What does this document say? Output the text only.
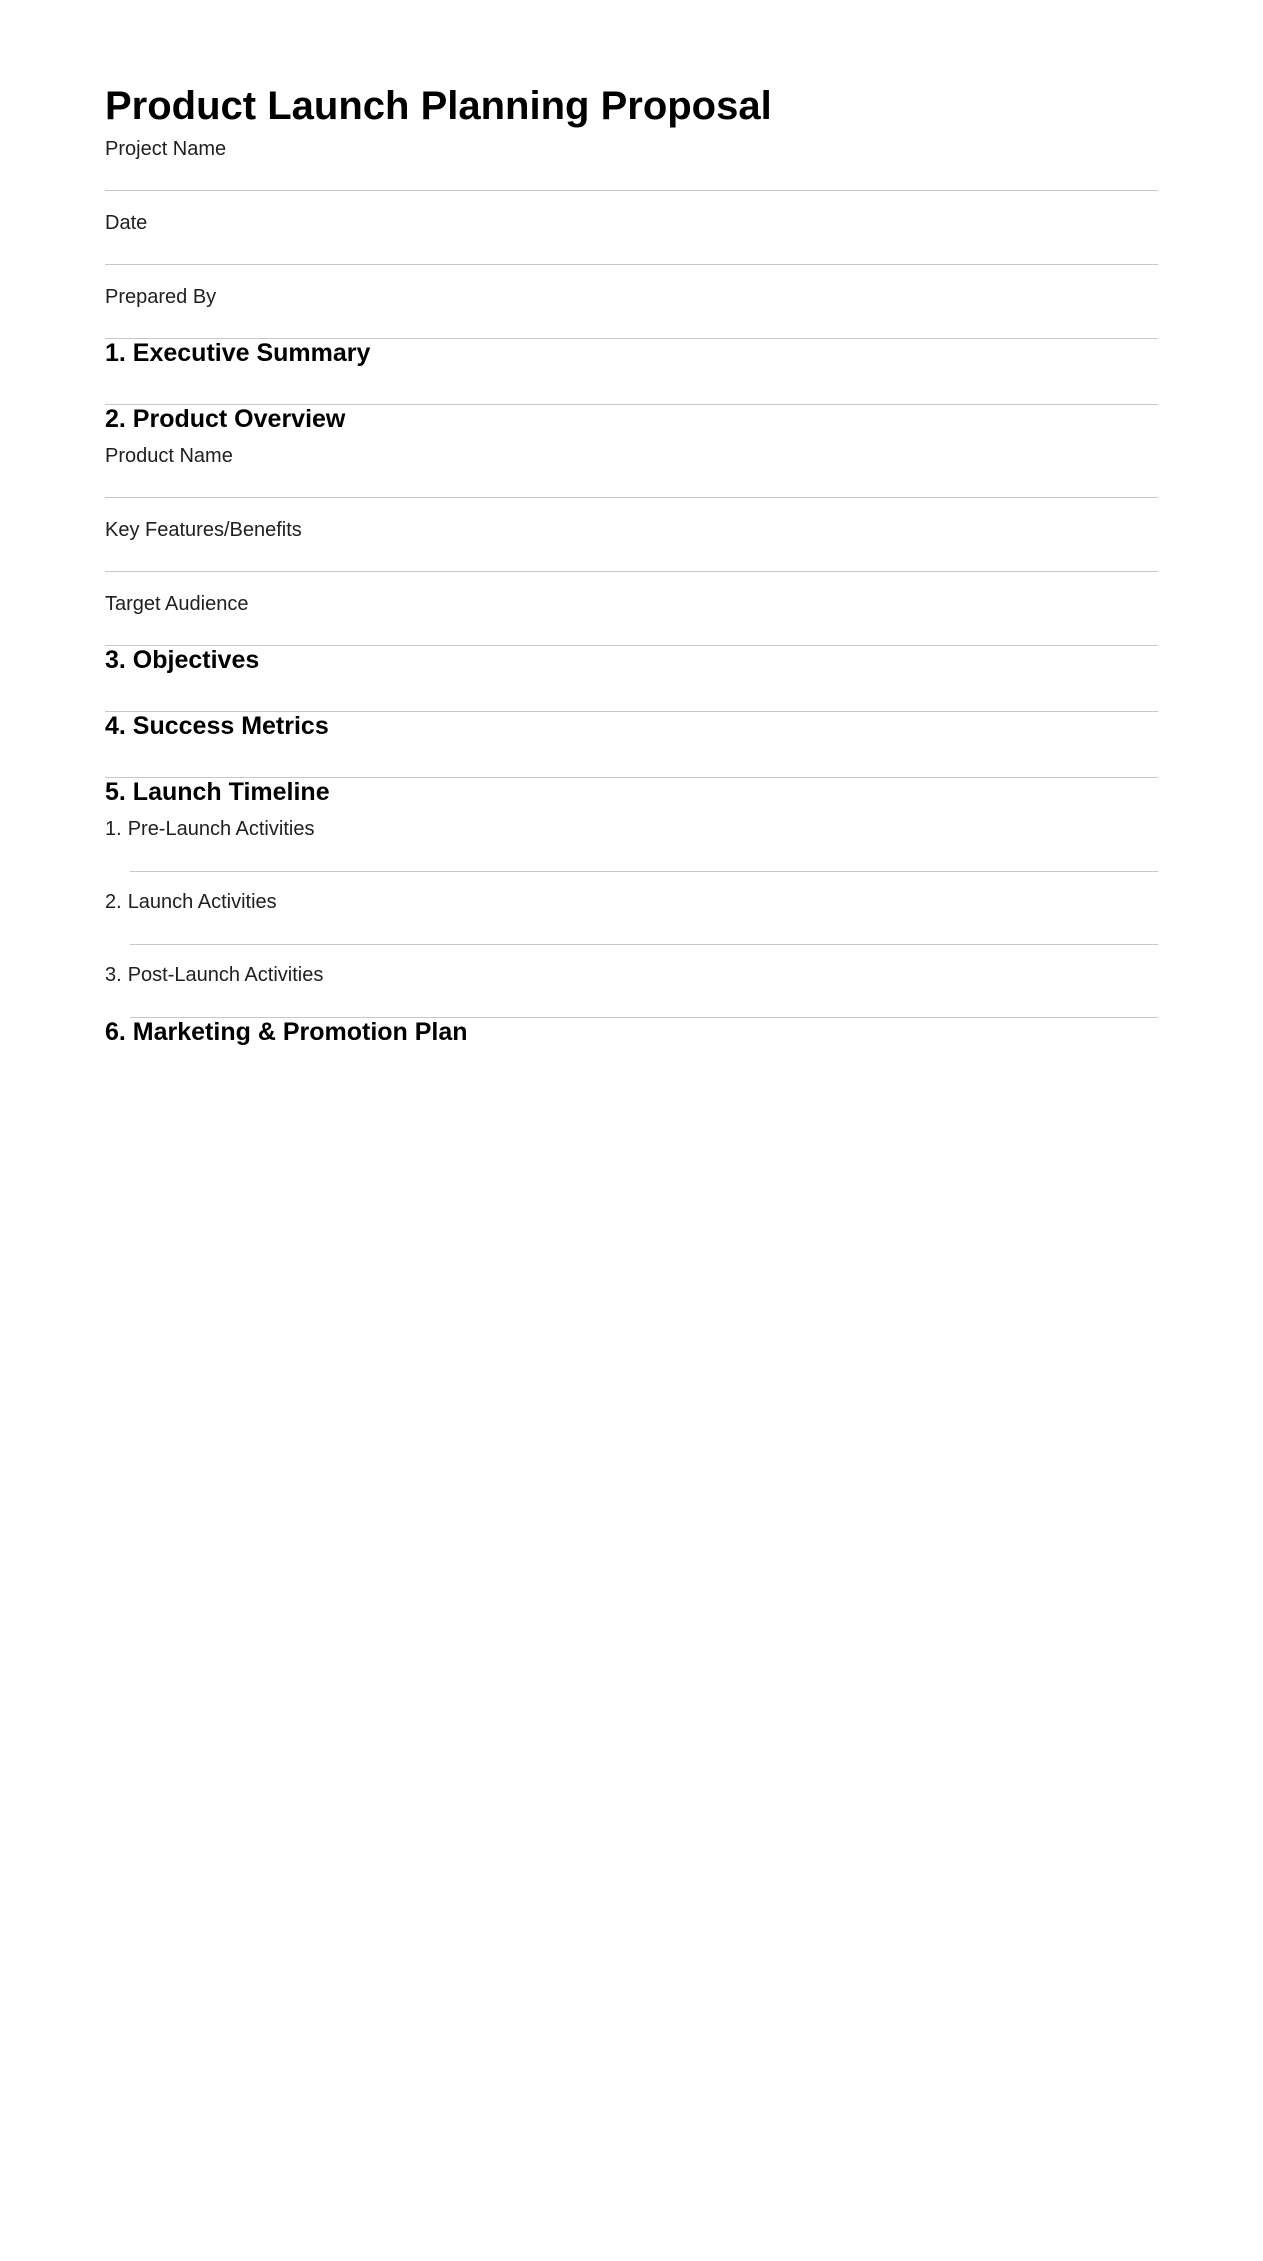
Product Launch Planning Proposal
Project Name
Date
Prepared By
1. Executive Summary
2. Product Overview
Product Name
Key Features/Benefits
Target Audience
3. Objectives
4. Success Metrics
5. Launch Timeline
1. Pre-Launch Activities
2. Launch Activities
3. Post-Launch Activities
6. Marketing & Promotion Plan
